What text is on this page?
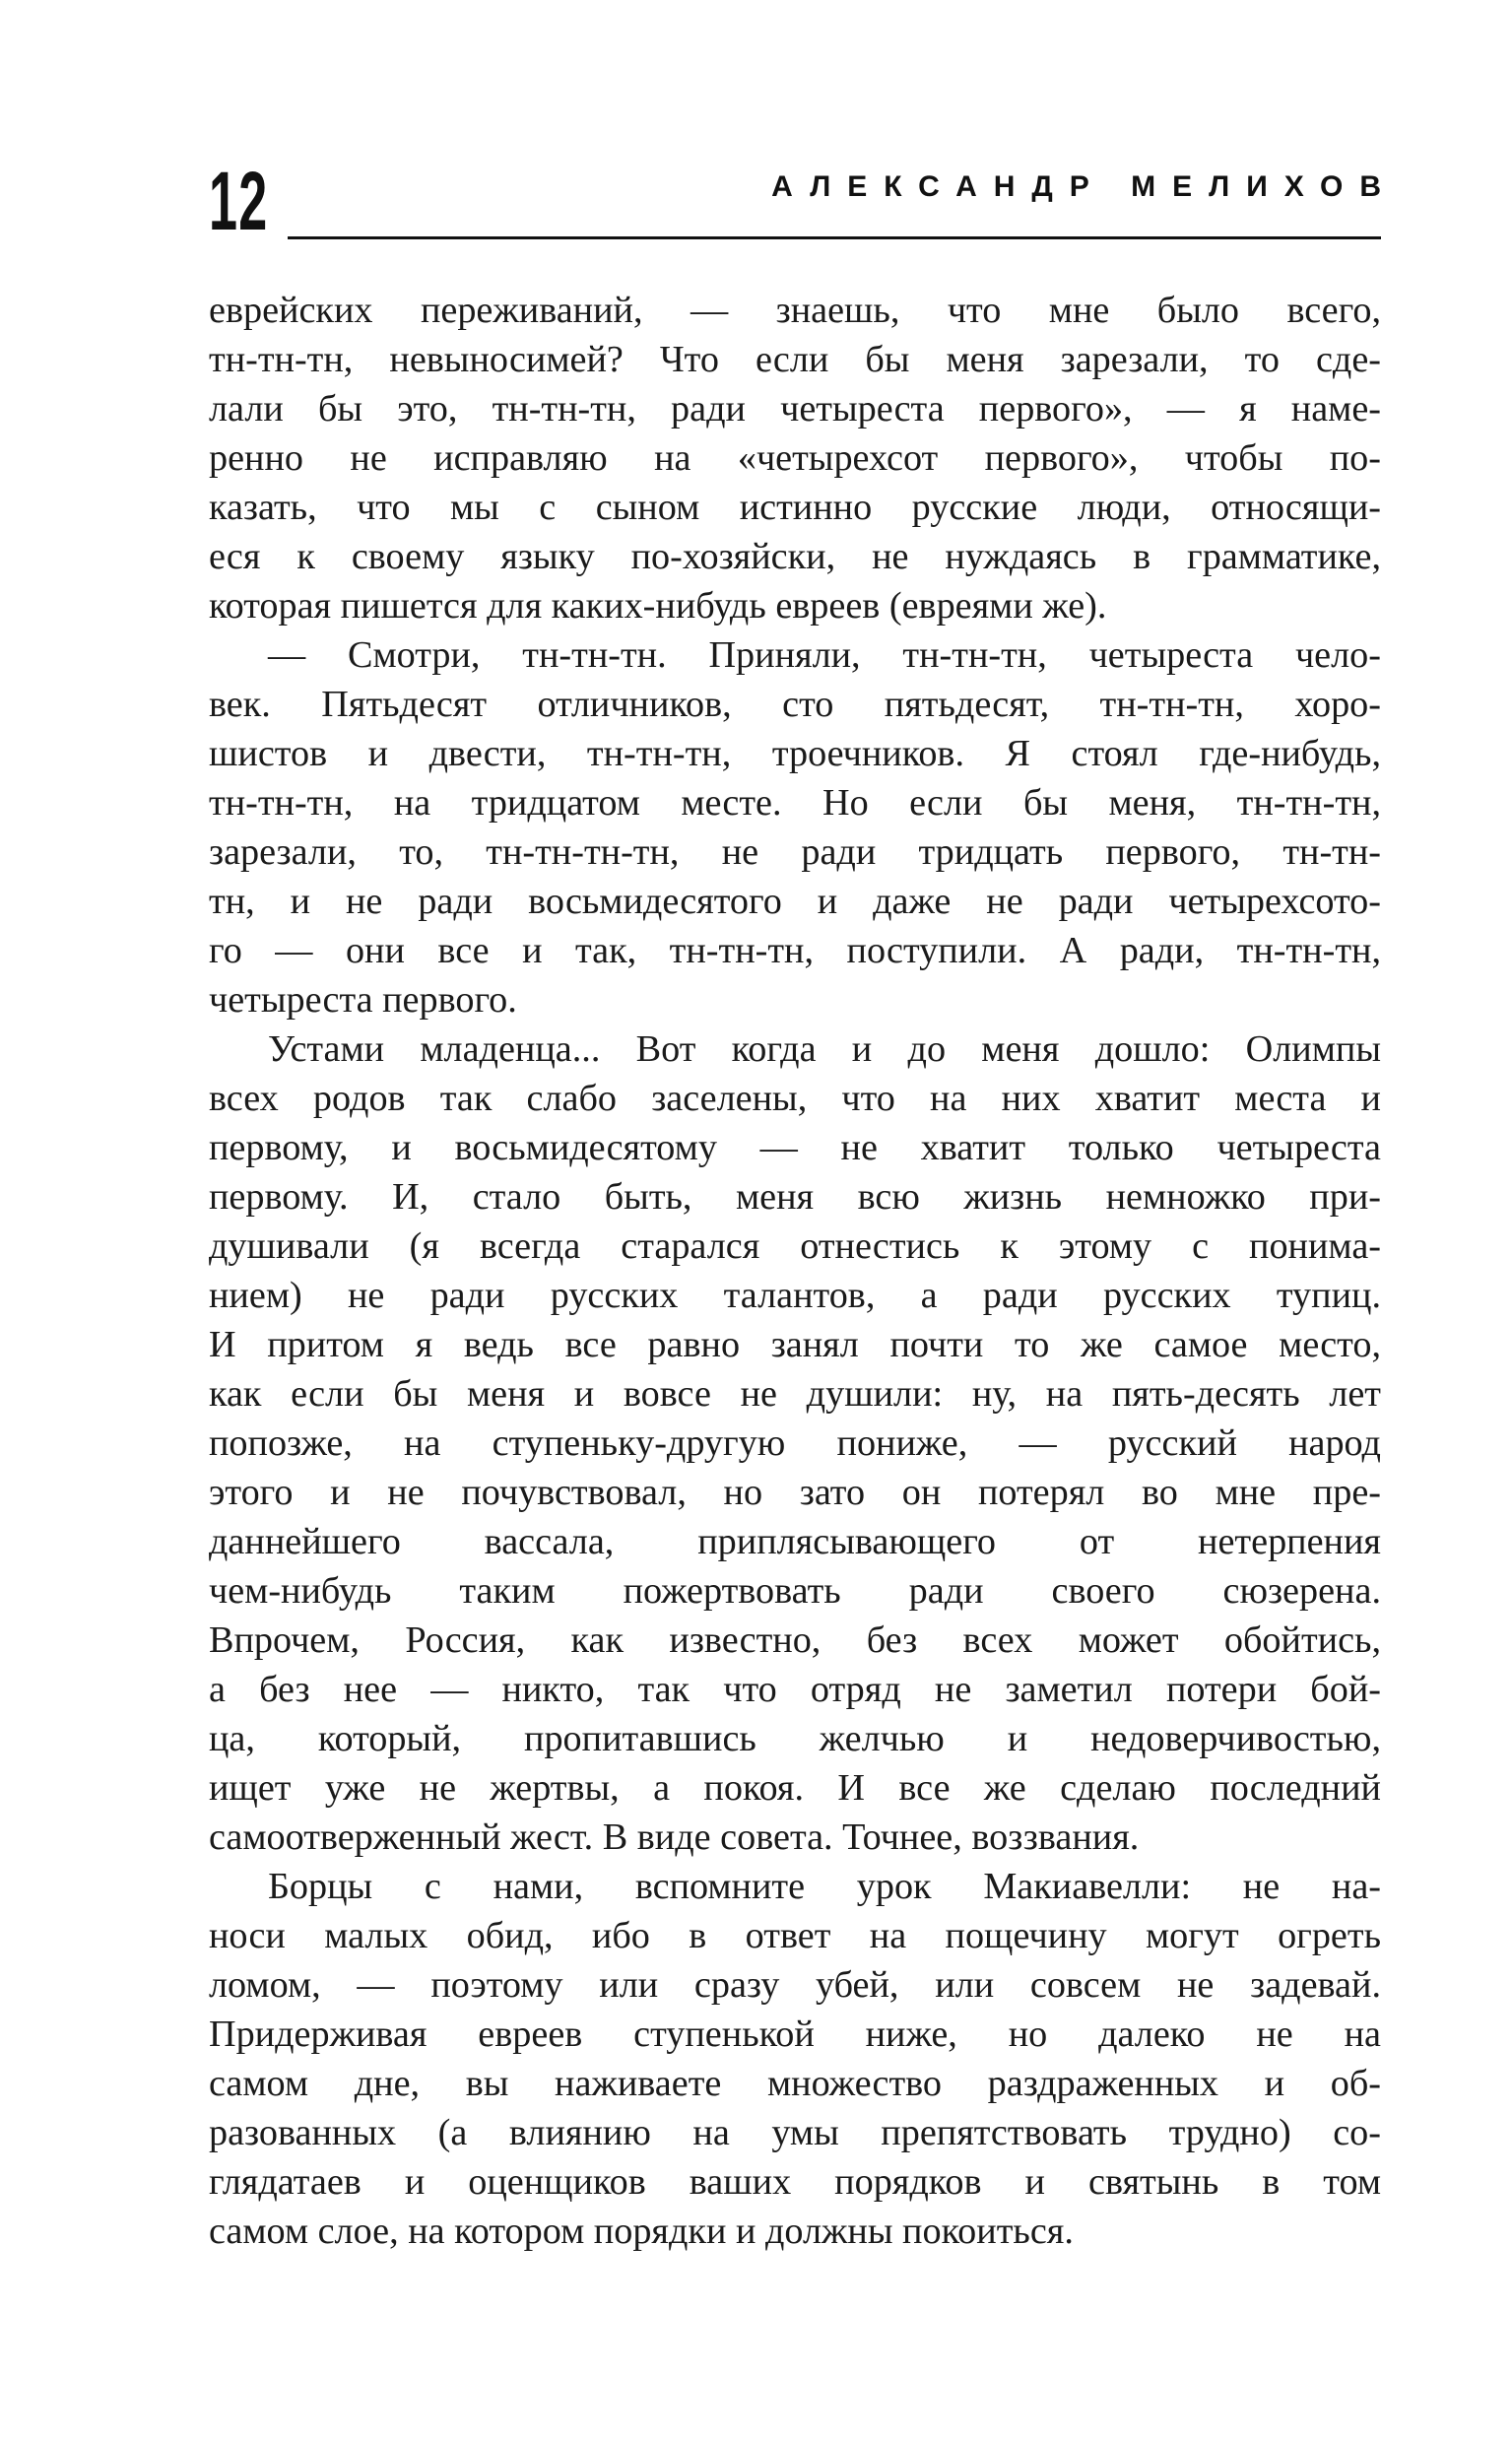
12	АЛЕКСАНДР МЕЛИХОВ
еврейских переживаний, — знаешь, что мне было всего,
тн-тн-тн, невыносимей? Что если бы меня зарезали, то сде-
лали бы это, тн-тн-тн, ради четыреста первого», — я наме-
ренно не исправляю на «четырехсот первого», чтобы по-
казать, что мы с сыном истинно русские люди, относящи-
еся к своему языку по-хозяйски, не нуждаясь в грамматике,
которая пишется для каких-нибудь евреев (евреями же).
— Смотри, тн-тн-тн. Приняли, тн-тн-тн, четыреста чело-
век. Пятьдесят отличников, сто пятьдесят, тн-тн-тн, хоро-
шистов и двести, тн-тн-тн, троечников. Я стоял где-нибудь,
тн-тн-тн, на тридцатом месте. Но если бы меня, тн-тн-тн,
зарезали, то, тн-тн-тн-тн, не ради тридцать первого, тн-тн-
тн, и не ради восьмидесятого и даже не ради четырехсото-
го — они все и так, тн-тн-тн, поступили. А ради, тн-тн-тн,
четыреста первого.
Устами младенца... Вот когда и до меня дошло: Олимпы
всех родов так слабо заселены, что на них хватит места и
первому, и восьмидесятому — не хватит только четыреста
первому. И, стало быть, меня всю жизнь немножко при-
душивали (я всегда старался отнестись к этому с понима-
нием) не ради русских талантов, а ради русских тупиц.
И притом я ведь все равно занял почти то же самое место,
как если бы меня и вовсе не душили: ну, на пять-десять лет
попозже, на ступеньку-другую пониже, — русский народ
этого и не почувствовал, но зато он потерял во мне пре-
даннейшего вассала, приплясывающего от нетерпения
чем-нибудь таким пожертвовать ради своего сюзерена.
Впрочем, Россия, как известно, без всех может обойтись,
а без нее — никто, так что отряд не заметил потери бой-
ца, который, пропитавшись желчью и недоверчивостью,
ищет уже не жертвы, а покоя. И все же сделаю последний
самоотверженный жест. В виде совета. Точнее, воззвания.
Борцы с нами, вспомните урок Макиавелли: не на-
носи малых обид, ибо в ответ на пощечину могут огреть
ломом, — поэтому или сразу убей, или совсем не задевай.
Придерживая евреев ступенькой ниже, но далеко не на
самом дне, вы наживаете множество раздраженных и об-
разованных (а влиянию на умы препятствовать трудно) со-
глядатаев и оценщиков ваших порядков и святынь в том
самом слое, на котором порядки и должны покоиться.
